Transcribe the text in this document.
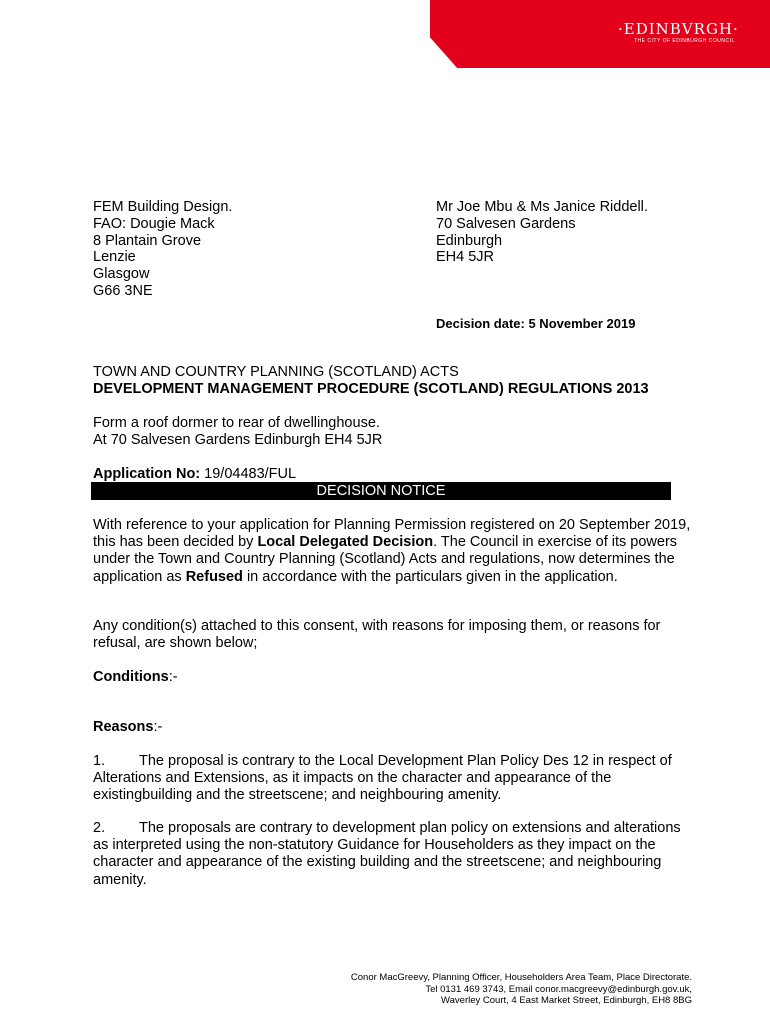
·EDINBVRGH·
THE CITY OF EDINBURGH COUNCIL
FEM Building Design.
FAO: Dougie Mack
8 Plantain Grove
Lenzie
Glasgow
G66 3NE
Mr Joe Mbu & Ms Janice Riddell.
70 Salvesen Gardens
Edinburgh
EH4 5JR
Decision date: 5 November 2019
TOWN AND COUNTRY PLANNING (SCOTLAND) ACTS
DEVELOPMENT MANAGEMENT PROCEDURE (SCOTLAND) REGULATIONS 2013
Form a roof dormer to rear of dwellinghouse.
At 70 Salvesen Gardens Edinburgh EH4 5JR
Application No: 19/04483/FUL
DECISION NOTICE
With reference to your application for Planning Permission registered on 20 September 2019, this has been decided by Local Delegated Decision. The Council in exercise of its powers under the Town and Country Planning (Scotland) Acts and regulations, now determines the application as Refused in accordance with the particulars given in the application.
Any condition(s) attached to this consent, with reasons for imposing them, or reasons for refusal, are shown below;
Conditions:-
Reasons:-
1. The proposal is contrary to the Local Development Plan Policy Des 12 in respect of Alterations and Extensions, as it impacts on the character and appearance of the existingbuilding and the streetscene; and neighbouring amenity.
2. The proposals are contrary to development plan policy on extensions and alterations as interpreted using the non-statutory Guidance for Householders as they impact on the character and appearance of the existing building and the streetscene; and neighbouring amenity.
Conor MacGreevy, Planning Officer, Householders Area Team, Place Directorate.
Tel 0131 469 3743, Email conor.macgreevy@edinburgh.gov.uk,
Waverley Court, 4 East Market Street, Edinburgh, EH8 8BG
